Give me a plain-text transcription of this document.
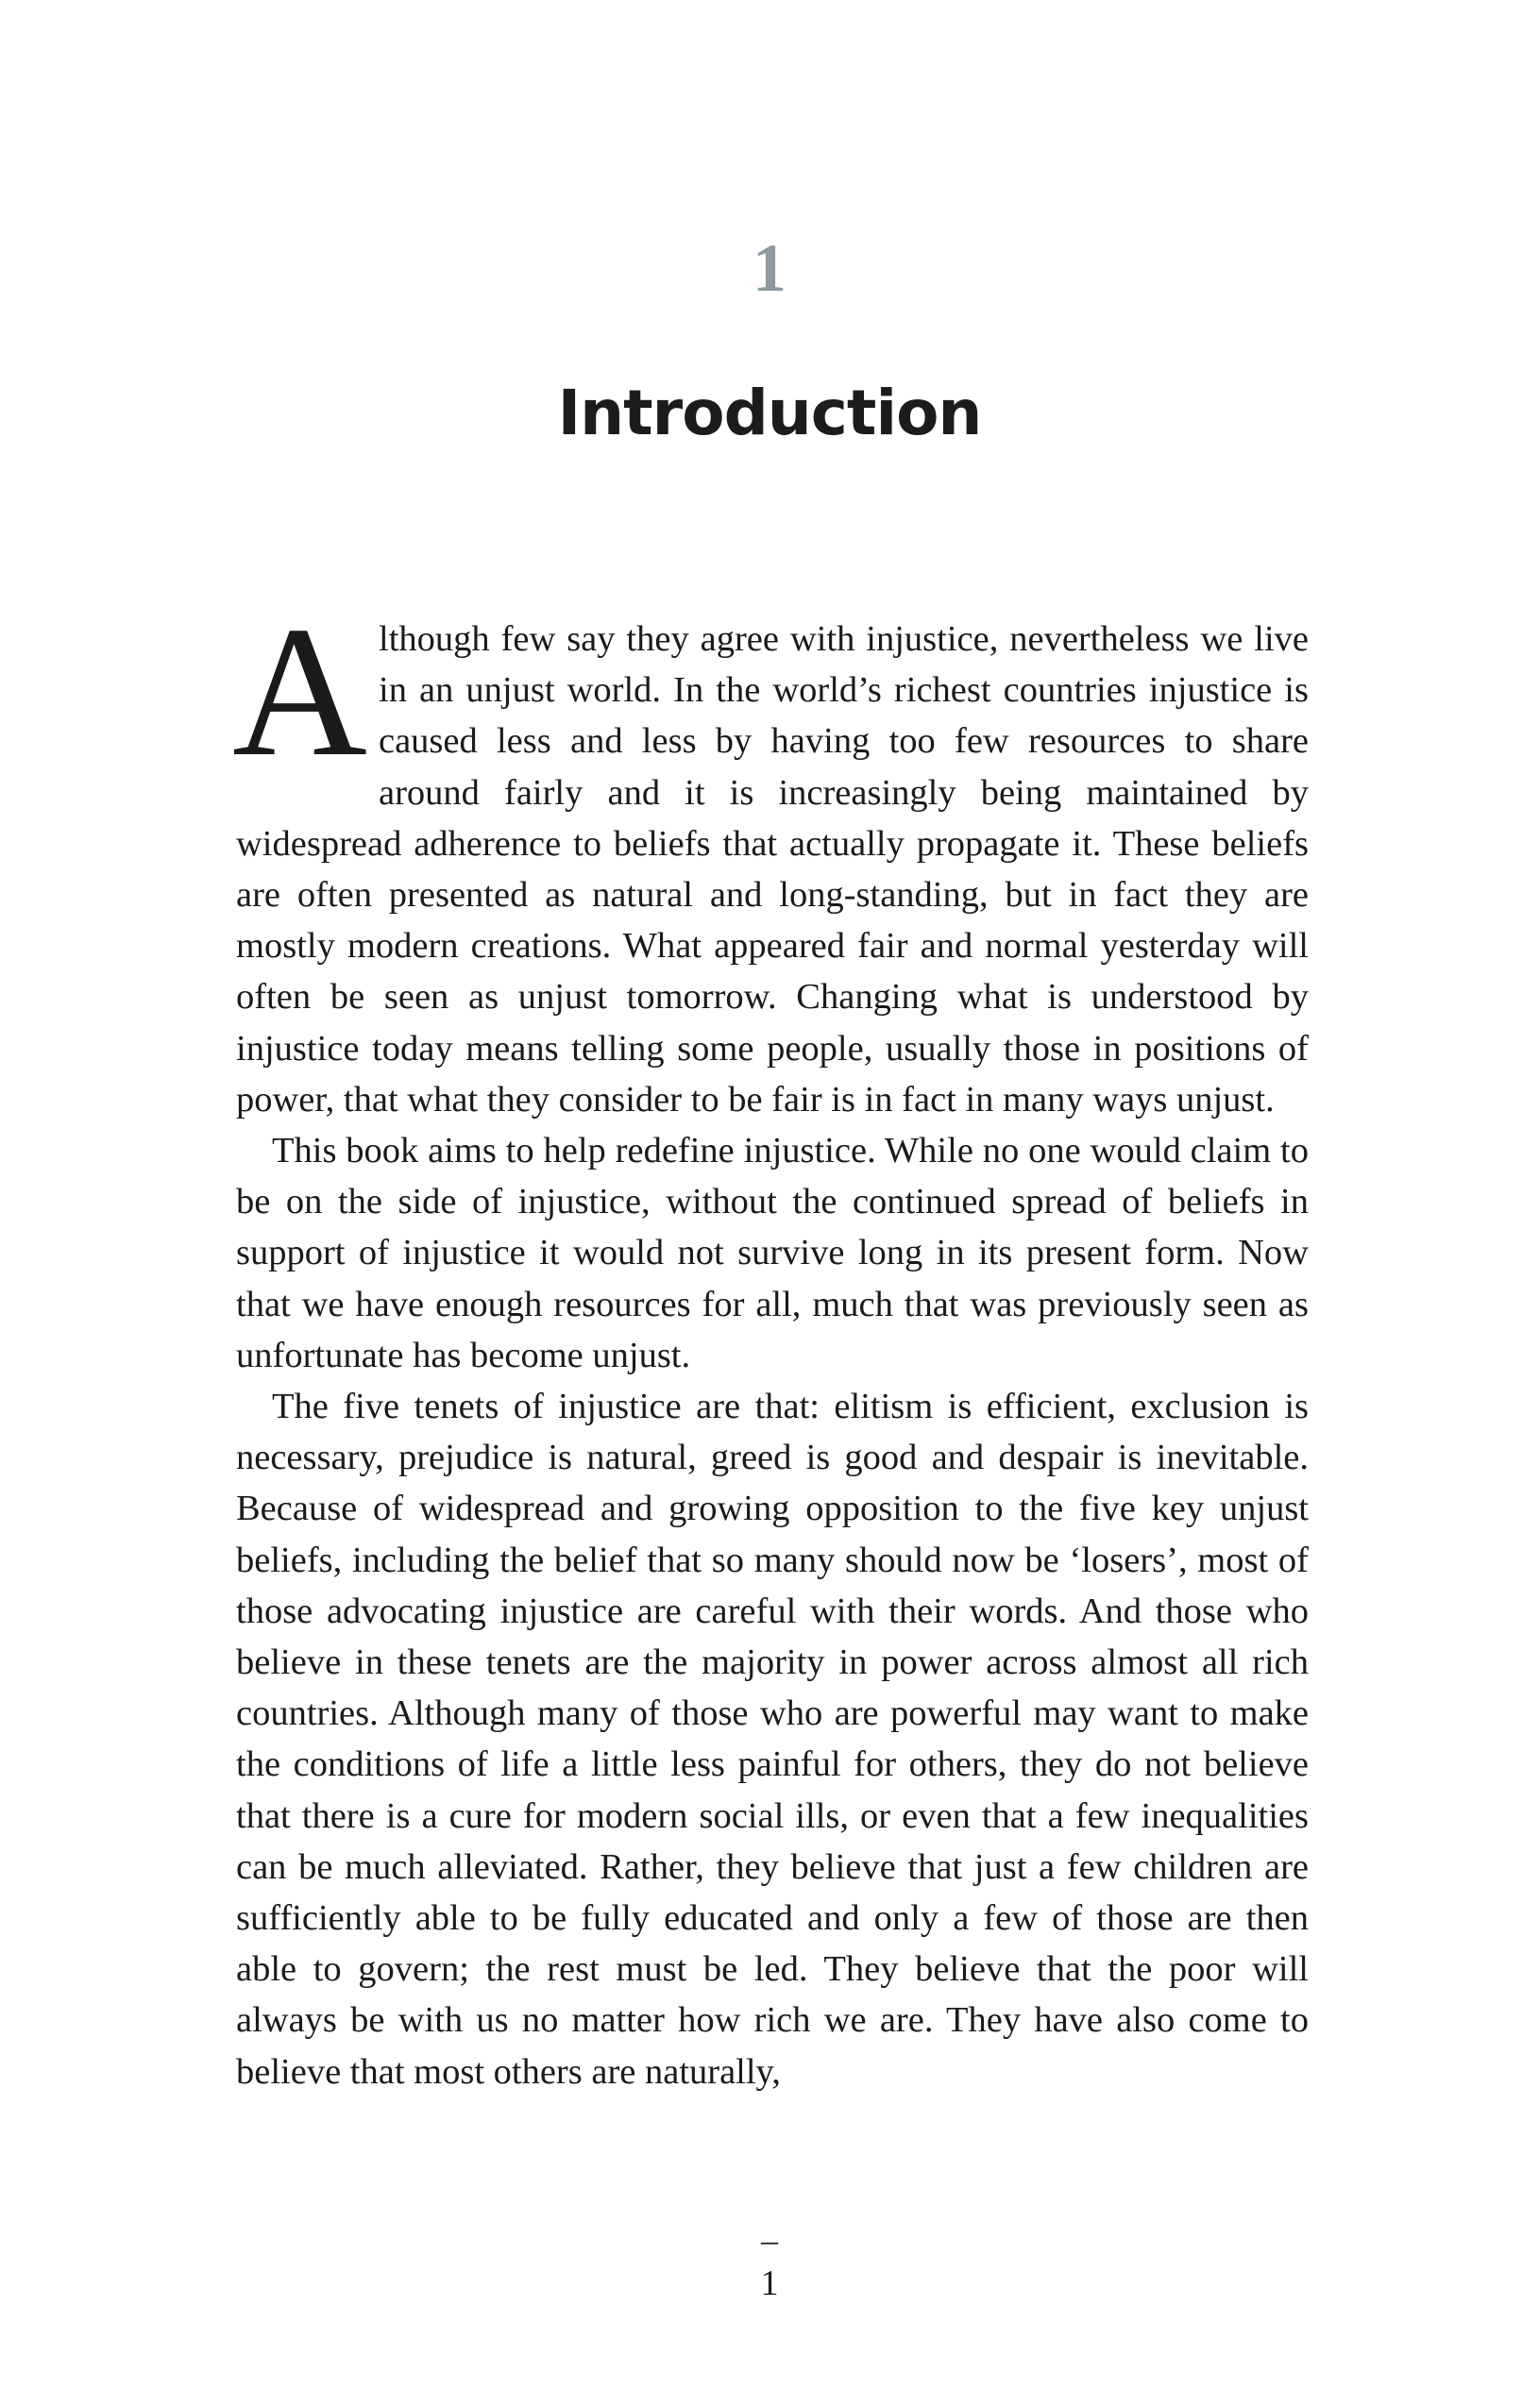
1
Introduction

Although few say they agree with injustice, nevertheless we live in an unjust world. In the world’s richest countries injustice is caused less and less by having too few resources to share around fairly and it is increasingly being maintained by widespread adherence to beliefs that actually propagate it. These beliefs are often presented as natural and long-standing, but in fact they are mostly modern creations. What appeared fair and normal yesterday will often be seen as unjust tomorrow. Changing what is understood by injustice today means telling some people, usually those in positions of power, that what they consider to be fair is in fact in many ways unjust.

This book aims to help redefine injustice. While no one would claim to be on the side of injustice, without the continued spread of beliefs in support of injustice it would not survive long in its present form. Now that we have enough resources for all, much that was previously seen as unfortunate has become unjust.

The five tenets of injustice are that: elitism is efficient, exclusion is necessary, prejudice is natural, greed is good and despair is inevitable. Because of widespread and growing opposition to the five key unjust beliefs, including the belief that so many should now be ‘losers’, most of those advocating injustice are careful with their words. And those who believe in these tenets are the majority in power across almost all rich countries. Although many of those who are powerful may want to make the conditions of life a little less painful for others, they do not believe that there is a cure for modern social ills, or even that a few inequalities can be much alleviated. Rather, they believe that just a few children are sufficiently able to be fully educated and only a few of those are then able to govern; the rest must be led. They believe that the poor will always be with us no matter how rich we are. They have also come to believe that most others are naturally,

–
1
